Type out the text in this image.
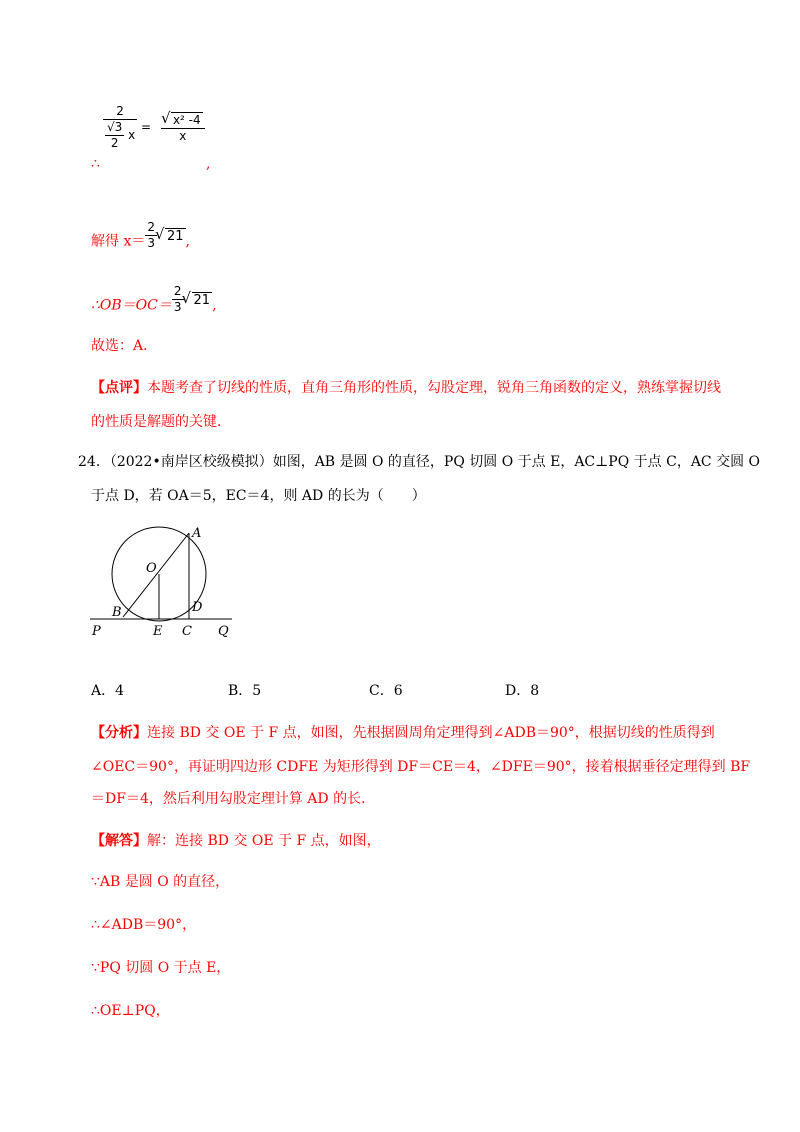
$\frac{2}{\frac{√3}{2} x}$ = √ $\frac{\text{x² -4}}{x}$
∴	,
解得 $x= \frac{2}{3}$ √ 21 ,
∴OB＝OC＝ $\frac{2}{3}$ √ 21 ,
故选：A．
【点评】本题考查了切线的性质，直角三角形的性质，勾股定理，锐角三角函数的定义，熟练掌握切线
的性质是解题的关键．
24．（2022•南岸区校级模拟）如图，AB 是圆 O 的直径，PQ 切圆 O 于点 E，AC⊥PQ 于点 C，AC 交圆 O
于点 D，若 OA＝5，EC＝4，则 AD 的长为（　　）
A
O
D
B
P	E C Q
A．4	B．5	C．6	D．8
【分析】连接 BD 交 OE 于 F 点，如图，先根据圆周角定理得到∠ADB＝90°，根据切线的性质得到
∠OEC＝90°，再证明四边形 CDFE 为矩形得到 DF＝CE＝4，∠DFE＝90°，接着根据垂径定理得到 BF
＝DF＝4，然后利用勾股定理计算 AD 的长．
【解答】解：连接 BD 交 OE 于 F 点，如图，
∵AB 是圆 O 的直径，
∴∠ADB＝90°，
∵PQ 切圆 O 于点 E，
∴OE⊥PQ，
